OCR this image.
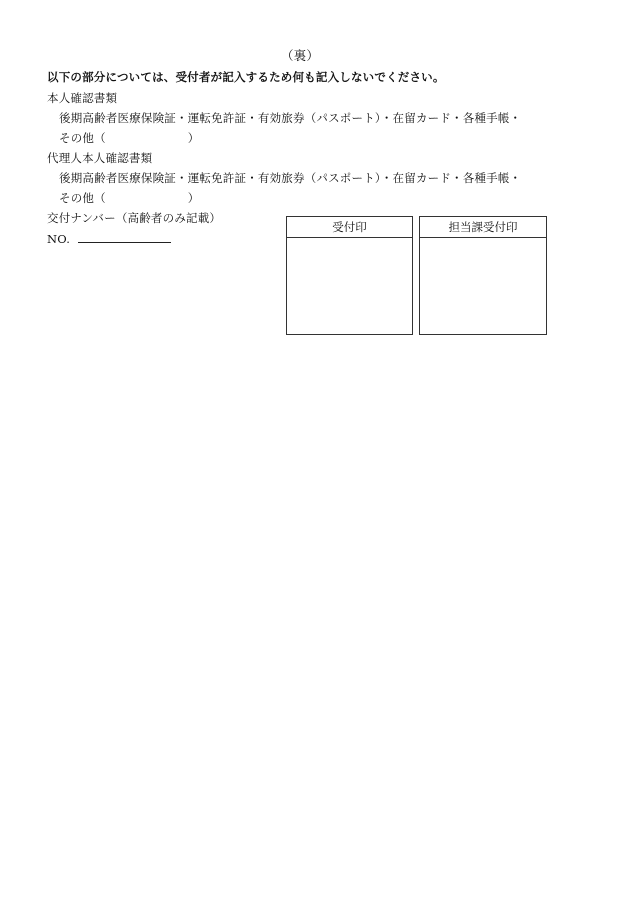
（裏）
以下の部分については、受付者が記入するため何も記入しないでください。
本人確認書類
後期高齢者医療保険証・運転免許証・有効旅券（パスポート）・在留カード・各種手帳・
その他（　　　　　　　）
代理人本人確認書類
後期高齢者医療保険証・運転免許証・有効旅券（パスポート）・在留カード・各種手帳・
その他（　　　　　　　）
交付ナンバー（高齢者のみ記載）
NO.
受付印	担当課受付印
